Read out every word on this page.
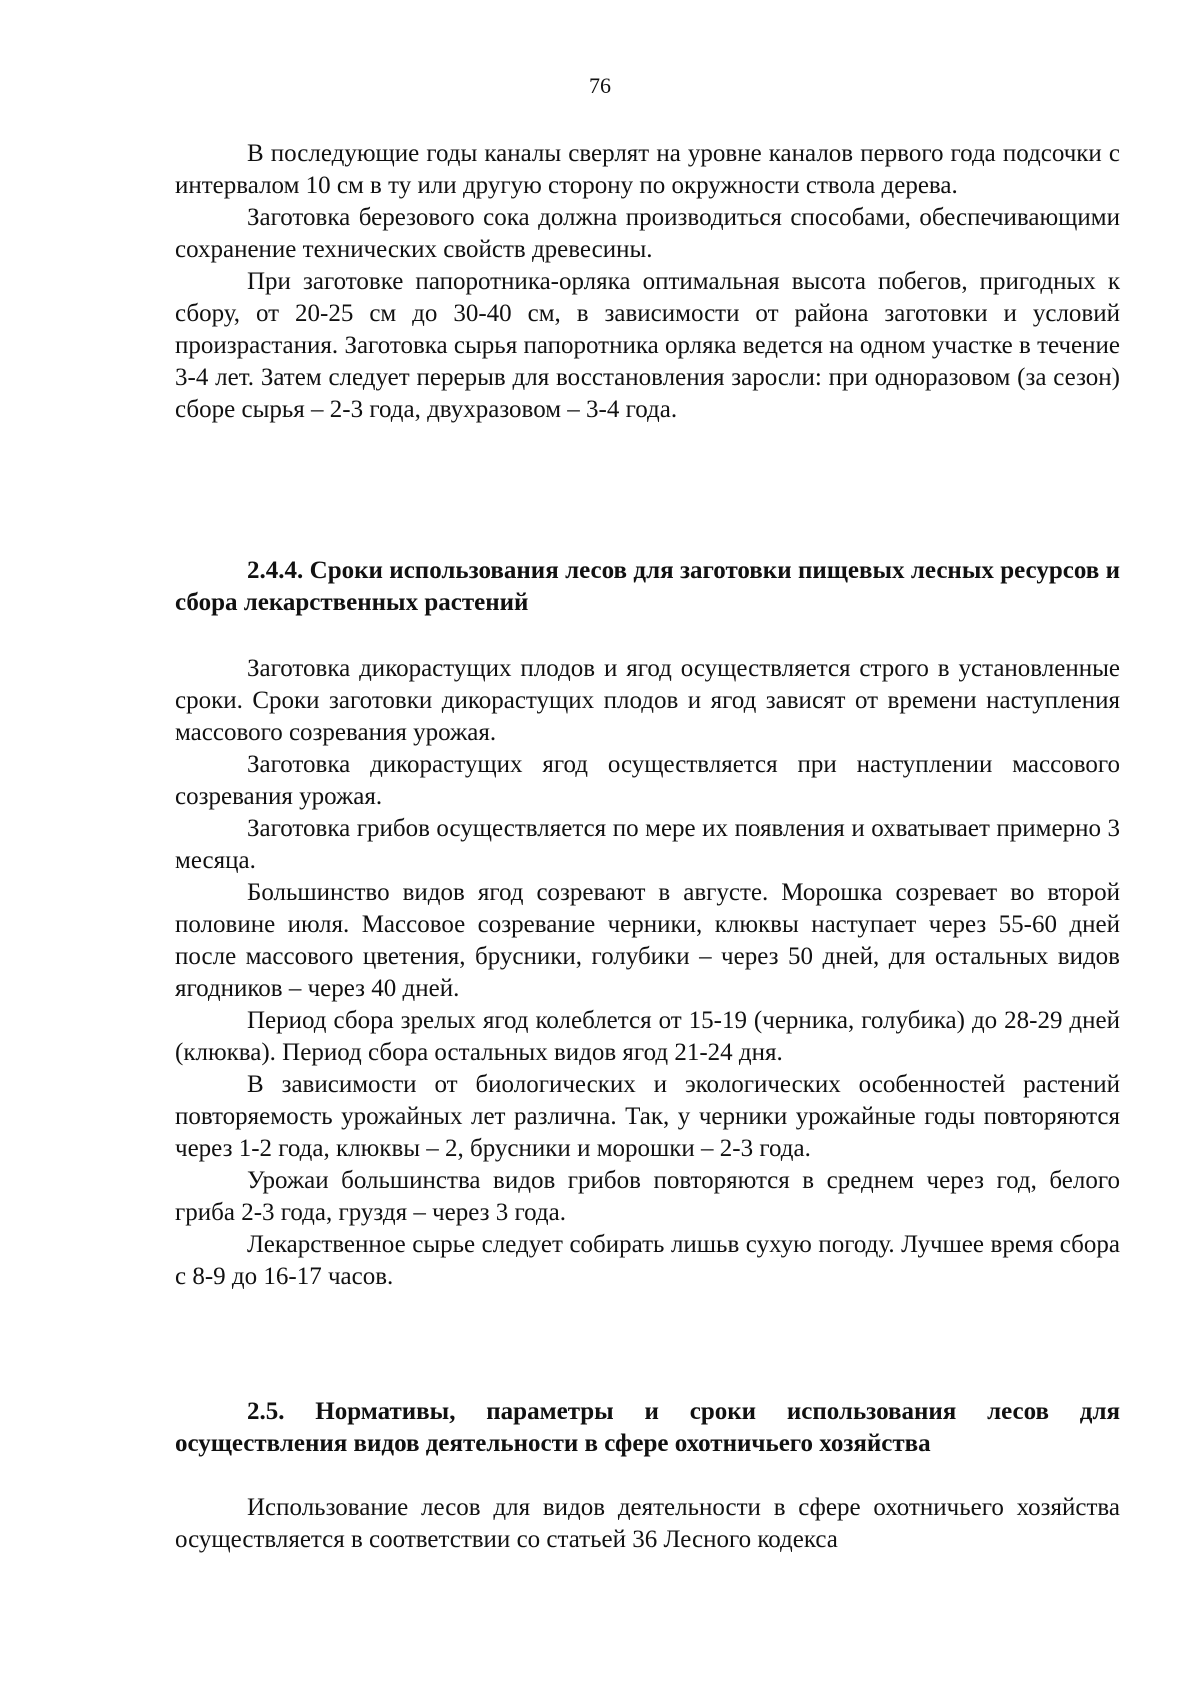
76

В последующие годы каналы сверлят на уровне каналов первого года подсочки с интервалом 10 см в ту или другую сторону по окружности ствола дерева.

Заготовка березового сока должна производиться способами, обеспечивающими сохранение технических свойств древесины.

При заготовке папоротника-орляка оптимальная высота побегов, пригодных к сбору, от 20-25 см до 30-40 см, в зависимости от района заготовки и условий произрастания. Заготовка сырья папоротника орляка ведется на одном участке в течение 3-4 лет. Затем следует перерыв для восстановления заросли: при одноразовом (за сезон) сборе сырья – 2-3 года, двухразовом – 3-4 года.

2.4.4. Сроки использования лесов для заготовки пищевых лесных ресурсов и сбора лекарственных растений

Заготовка дикорастущих плодов и ягод осуществляется строго в установленные сроки. Сроки заготовки дикорастущих плодов и ягод зависят от времени наступления массового созревания урожая.

Заготовка дикорастущих ягод осуществляется при наступлении массового созревания урожая.

Заготовка грибов осуществляется по мере их появления и охватывает примерно 3 месяца.

Большинство видов ягод созревают в августе. Морошка созревает во второй половине июля. Массовое созревание черники, клюквы наступает через 55-60 дней после массового цветения, брусники, голубики – через 50 дней, для остальных видов ягодников – через 40 дней.

Период сбора зрелых ягод колеблется от 15-19 (черника, голубика) до 28-29 дней (клюква). Период сбора остальных видов ягод 21-24 дня.

В зависимости от биологических и экологических особенностей растений повторяемость урожайных лет различна. Так, у черники урожайные годы повторяются через 1-2 года, клюквы – 2, брусники и морошки – 2-3 года.

Урожаи большинства видов грибов повторяются в среднем через год, белого гриба 2-3 года, груздя – через 3 года.

Лекарственное сырье следует собирать лишьв сухую погоду. Лучшее время сбора с 8-9 до 16-17 часов.

2.5. Нормативы, параметры и сроки использования лесов для осуществления видов деятельности в сфере охотничьего хозяйства

Использование лесов для видов деятельности в сфере охотничьего хозяйства осуществляется в соответствии со статьей 36 Лесного кодекса
